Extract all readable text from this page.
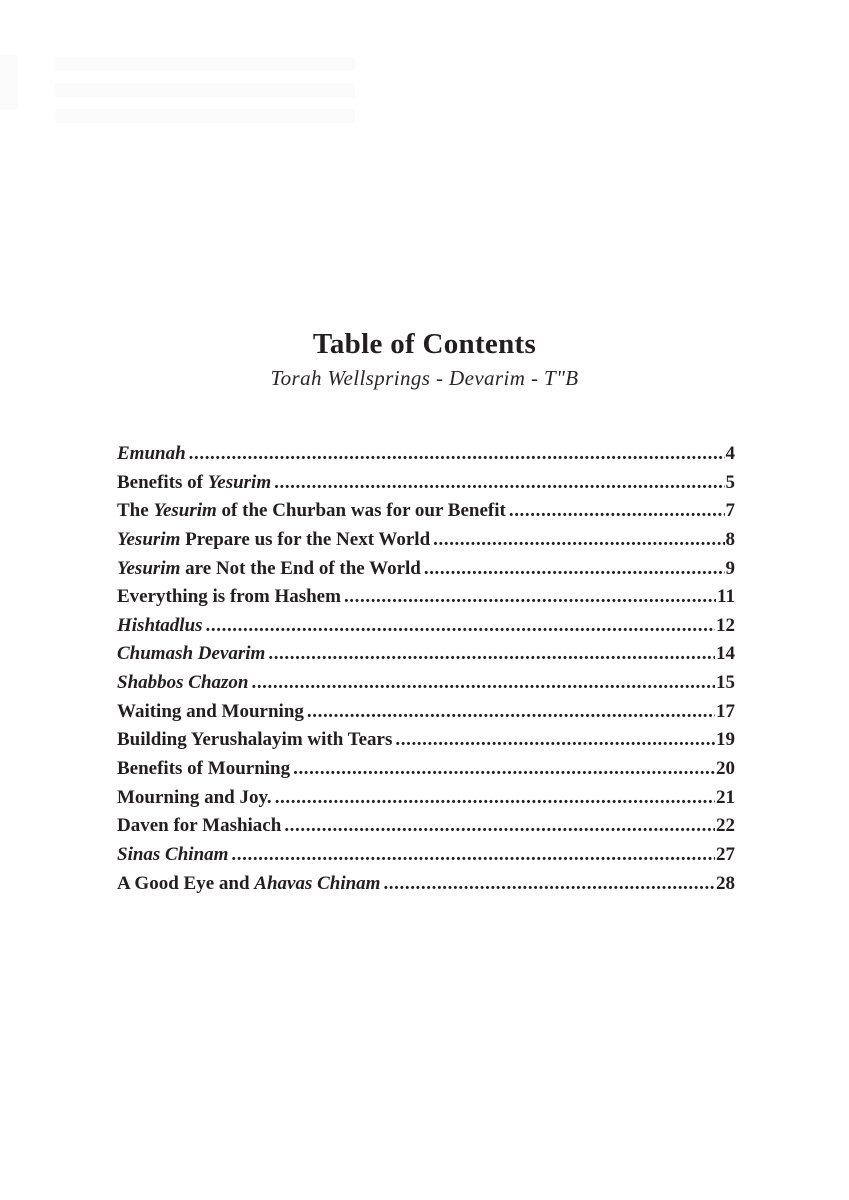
Table of Contents
Torah Wellsprings - Devarim - T"B
Emunah .....	4
Benefits of Yesurim .....	5
The Yesurim of the Churban was for our Benefit .....	7
Yesurim Prepare us for the Next World .....	8
Yesurim are Not the End of the World .....	9
Everything is from Hashem .....	11
Hishtadlus .....	12
Chumash Devarim .....	14
Shabbos Chazon .....	15
Waiting and Mourning .....	17
Building Yerushalayim with Tears .....	19
Benefits of Mourning .....	20
Mourning and Joy. .....	21
Daven for Mashiach .....	22
Sinas Chinam .....	27
A Good Eye and Ahavas Chinam .....	28
